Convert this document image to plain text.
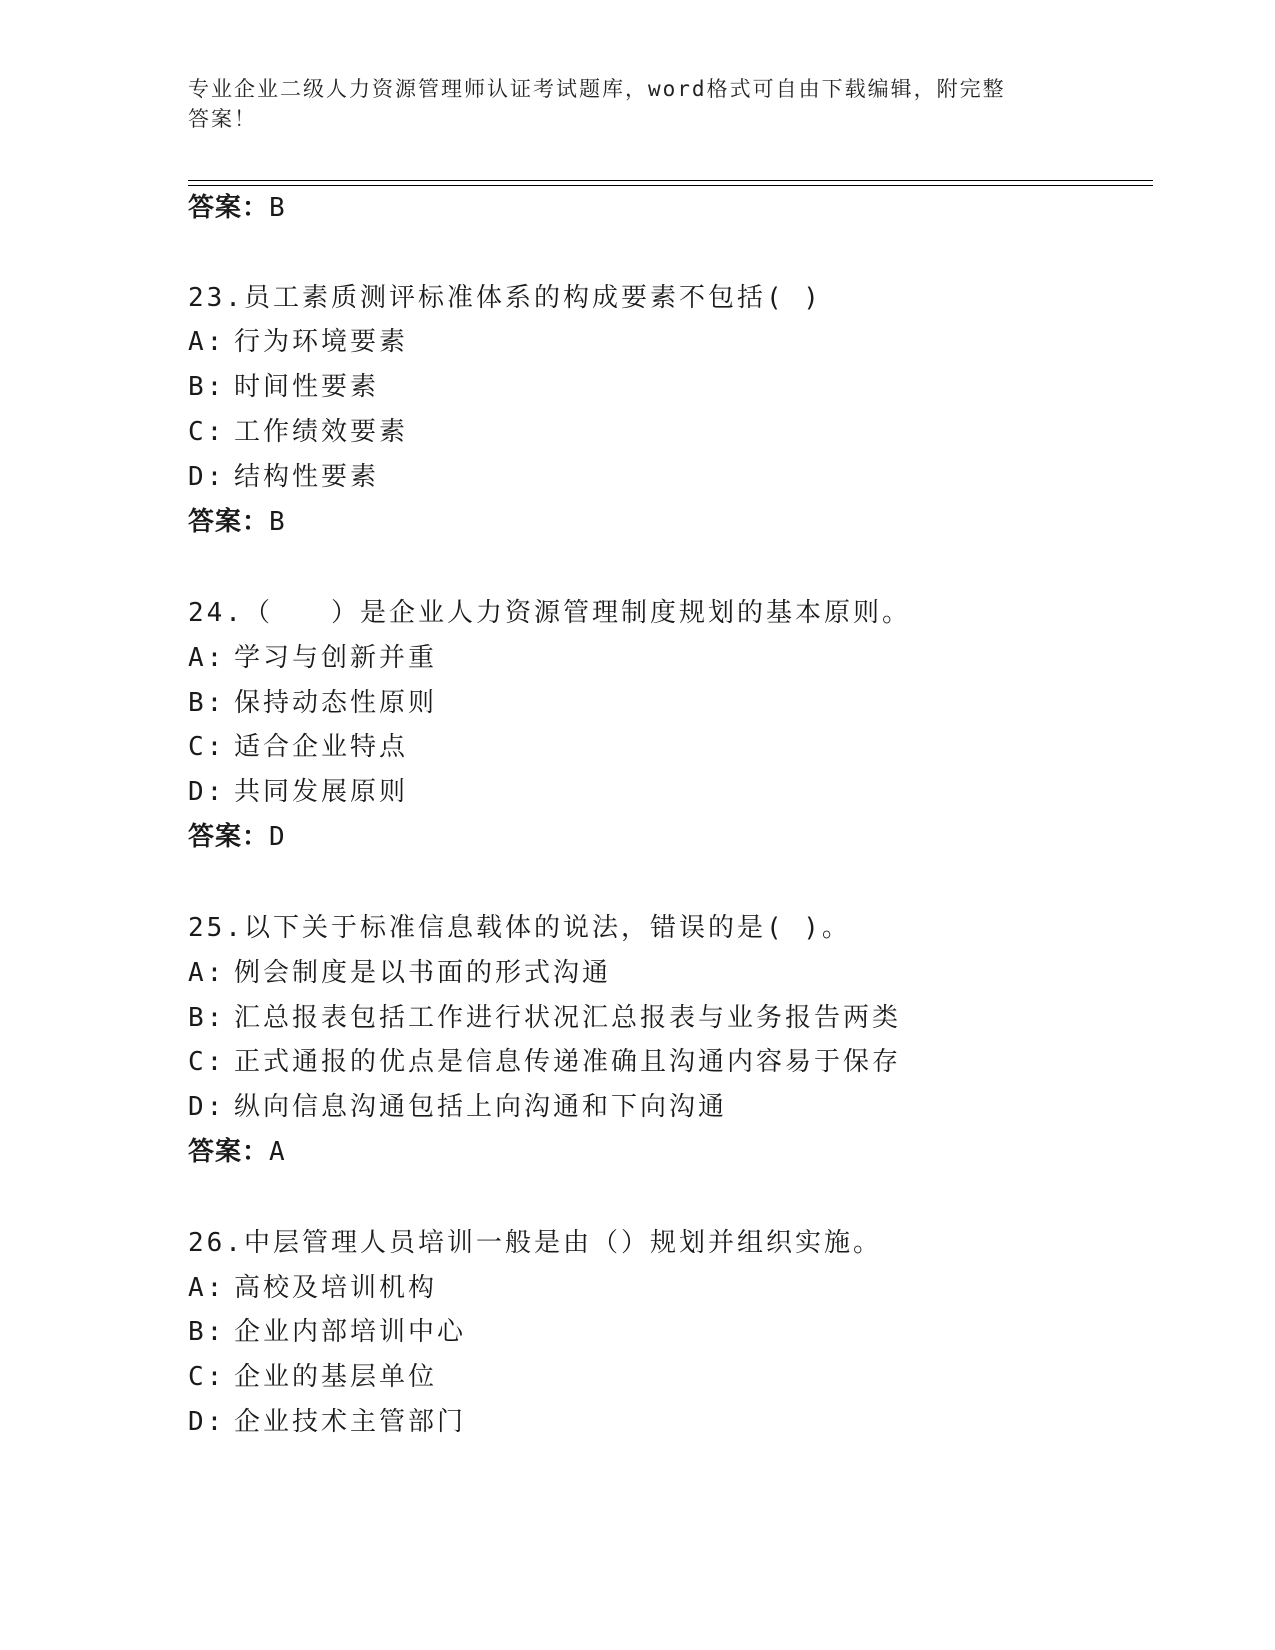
专业企业二级人力资源管理师认证考试题库，word格式可自由下载编辑，附完整
答案！
答案：B
23.员工素质测评标准体系的构成要素不包括( )
A: 行为环境要素
B: 时间性要素
C: 工作绩效要素
D: 结构性要素
答案：B
24.（　　）是企业人力资源管理制度规划的基本原则。
A: 学习与创新并重
B: 保持动态性原则
C: 适合企业特点
D: 共同发展原则
答案：D
25.以下关于标准信息载体的说法，错误的是( )。
A: 例会制度是以书面的形式沟通
B: 汇总报表包括工作进行状况汇总报表与业务报告两类
C: 正式通报的优点是信息传递准确且沟通内容易于保存
D: 纵向信息沟通包括上向沟通和下向沟通
答案：A
26.中层管理人员培训一般是由（）规划并组织实施。
A: 高校及培训机构
B: 企业内部培训中心
C: 企业的基层单位
D: 企业技术主管部门
